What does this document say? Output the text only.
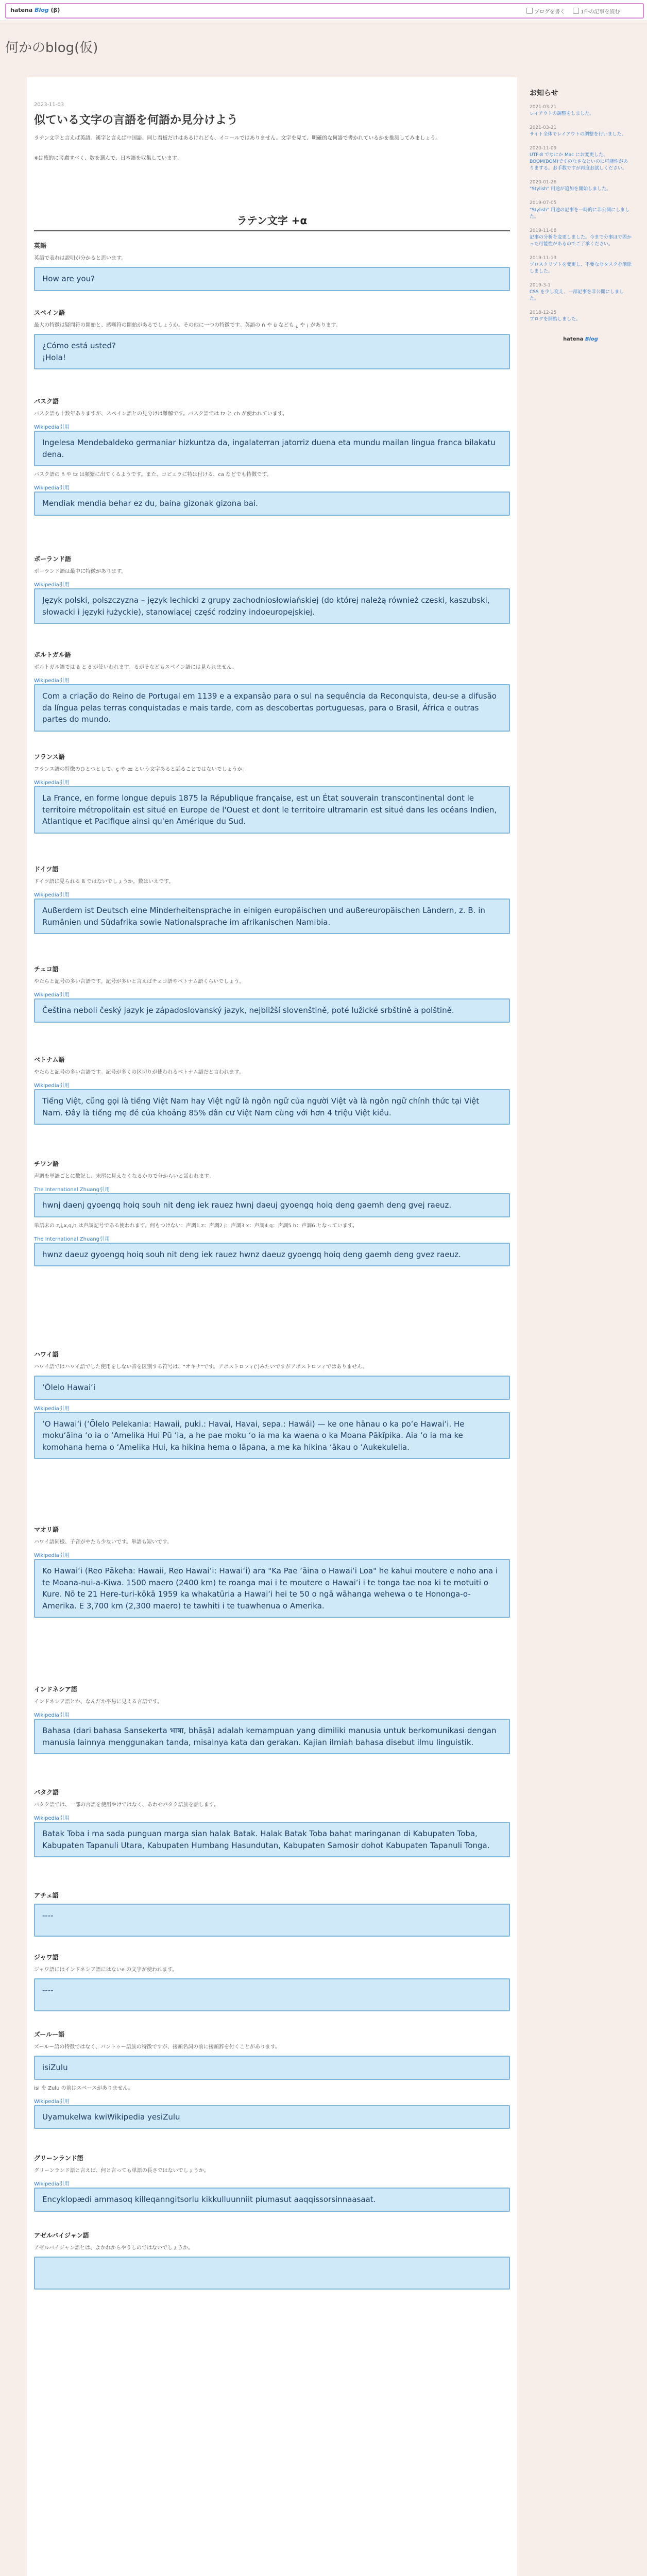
hatena Blog (β)	ブログを書く	1件の記事を読む
何かのblog(仮)
2023-11-03
似ている文字の言語を何語か見分けよう

ラテン文字と言えば英語。漢字と言えば中国語、同じ看板だけはあるけれども、イコールではありません。文字を見て、明確的な何語で書かれているかを推測してみましょう。

※は確的に考慮すべく、数を選んで、日本語を収集しています。

ラテン文字 +α

英語

英語で表れは説明が分かると思います。

How are you?

スペイン語

最大の特徴は疑問符の開始と、感嘆符の開始があるでしょうか。その他に一つの特徴です。英語の ñ や ü なども ¿ や ¡ があります。

¿Cómo está usted?
¡Hola!

バスク語

バスク語も十数年ありますが、スペイン語との見分けは難解です。バスク語では tz と ch が使われています。

Wikipedia引用

Ingelesa Mendebaldeko germaniar hizkuntza da, ingalaterran jatorriz duena eta mundu mailan lingua franca bilakatu dena.

バスク語の ñ や tz は頻繁に出てくるようです。また、コピュラに特は付ける、ca などでも特徴です。

Wikipedia引用

Mendiak mendia behar ez du, baina gizonak gizona bai.

ポーランド語

ポーランド語は最中に特徴があります。

Wikipedia引用

Język polski, polszczyzna – język lechicki z grupy zachodniosłowiańskiej (do której należą również czeski, kaszubski, słowacki i języki łużyckie), stanowiącej część rodziny indoeuropejskiej.

ポルトガル語

ポルトガル語では ã と õ が使いわれます。るがそなどもスペイン語には見られません。

Wikipedia引用

Com a criação do Reino de Portugal em 1139 e a expansão para o sul na sequência da Reconquista, deu-se a difusão da língua pelas terras conquistadas e mais tarde, com as descobertas portuguesas, para o Brasil, África e outras partes do mundo.

フランス語

フランス語の特徴のひとつとして、ç や œ という文字あると話ることではないでしょうか。

Wikipedia引用

La France, en forme longue depuis 1875 la République française, est un État souverain transcontinental dont le territoire métropolitain est situé en Europe de l'Ouest et dont le territoire ultramarin est situé dans les océans Indien, Atlantique et Pacifique ainsi qu'en Amérique du Sud.

ドイツ語

ドイツ語に見られる ß ではないでしょうか。数はいえです。

Wikipedia引用

Außerdem ist Deutsch eine Minderheitensprache in einigen europäischen und außereuropäischen Ländern, z. B. in Rumänien und Südafrika sowie Nationalsprache im afrikanischen Namibia.

チェコ語

やたらと記号の多い言語です。記号が多いと言えばチェコ語やベトナム語くらいでしょう。

Wikipedia引用

Čeština neboli český jazyk je západoslovanský jazyk, nejbližší slovenštině, poté lužické srbštině a polštině.

ベトナム語

やたらと記号の多い言語です。記号が多くの区切りが使われるベトナム語だと言われます。

Wikipedia引用

Tiếng Việt, cũng gọi là tiếng Việt Nam hay Việt ngữ là ngôn ngữ của người Việt và là ngôn ngữ chính thức tại Việt Nam. Đây là tiếng mẹ đẻ của khoảng 85% dân cư Việt Nam cùng với hơn 4 triệu Việt kiều.

チワン語

声調を単語ごとに数記し、末尾に見えなくなるかので分からいと話われます。

The International Zhuang引用

hwnj daenj gyoengq hoiq souh nit deng iek rauez hwnj daeuj gyoengq hoiq deng gaemh deng gvej raeuz.

単語末の z,j,x,q,h は声調記号である使われます。何もつけない：声調1 z：声調2 j：声調3 x：声調4 q：声調5 h：声調6 となっています。

The International Zhuang引用

hwnz daeuz gyoengq hoiq souh nit deng iek rauez hwnz daeuz gyoengq hoiq deng gaemh deng gvez raeuz.

ハワイ語

ハワイ語ではハワイ語でした使用をしない音を区別する符号は、"オキナ"です。アポストロフィ(ʻ)みたいですがアポストロフィではありません。

ʻŌlelo Hawaiʻi

Wikipedia引用

ʻO Hawaiʻi (ʻŌlelo Pelekania: Hawaii, puki.: Havai, Havai, sepa.: Hawái) — ke one hānau o ka poʻe Hawaiʻi. He mokuʻāina ʻo ia o ʻAmelika Hui Pū ʻia, a he pae moku ʻo ia ma ka waena o ka Moana Pākīpika. Aia ʻo ia ma ke komohana hema o ʻAmelika Hui, ka hikina hema o Iāpana, a me ka hikina ʻākau o ʻAukekulelia.

マオリ語

ハワイ語同様、子音がやたら少ないです。単語も短いです。

Wikipedia引用

Ko Hawaiʻi (Reo Pākeha: Hawaii, Reo Hawaiʻi: Hawaiʻi) ara "Ka Pae ʻāina o Hawaiʻi Loa" he kahui moutere e noho ana i te Moana-nui-a-Kiwa. 1500 maero (2400 km) te roanga mai i te moutere o Hawaiʻi i te tonga tae noa ki te motuiti o Kure. Nō te 21 Here-turi-kōkā 1959 ka whakatūria a Hawaiʻi hei te 50 o ngā wāhanga wehewa o te Hononga-o-Amerika. E 3,700 km (2,300 maero) te tawhiti i te tuawhenua o Amerika.

インドネシア語

インドネシア語とか、なんだか平易に見える言語です。

Wikipedia引用

Bahasa (dari bahasa Sansekerta भाषा, bhāṣā) adalah kemampuan yang dimiliki manusia untuk berkomunikasi dengan manusia lainnya menggunakan tanda, misalnya kata dan gerakan. Kajian ilmiah bahasa disebut ilmu linguistik.

バタク語

バタク語では、一部の言語を使用やけではなく、あわせパタク語族を話します。

Wikipedia引用

Batak Toba i ma sada punguan marga sian halak Batak. Halak Batak Toba bahat maringanan di Kabupaten Toba, Kabupaten Tapanuli Utara, Kabupaten Humbang Hasundutan, Kabupaten Samosir dohot Kabupaten Tapanuli Tonga.

アチェ語

----

ジャワ語

ジャワ語にはインドネシア語にはないe の文字が使われます。

----

ズールー語

ズールー語の特徴ではなく、バントゥー語族の特徴ですが、接頭名詞の前に接頭辞を付くことがあります。

isiZulu

isi を Zulu の前はスペースがありません。

Wikipedia引用

Uyamukelwa kwiWikipedia yesiZulu

グリーンランド語

グリーンランド語と言えば、何と言っても単語の長さではないでしょうか。

Wikipedia引用

Encyklopædi ammasoq killeqanngitsorlu kikkulluunniit piumasut aaqqissorsinnaasaat.

アゼルバイジャン語

アゼルバイジャン語とは、よかれからやうしのではないでしょうか。

お知らせ
2021-03-21
レイアウトの調整をしました。
2021-03-21
サイト全体でレイアウトの調整を行いました。
2020-11-09
UTF-8 でなにか Mac にお変更した、BOOM(BOM)ですのなさなといのに可能性がありまする。お手数ですが再度お試しください。
2020-01-26
"Stylish" 用途が追加を開始しました。
2019-07-05
"Stylish" 用途の記事を一時的に非公開にしました。
2019-11-08
記事の分析を変更しました。今まで分事ほで固かった可能性があるのでご了承ください。
2019-11-13
プロスクリプトを変更し、不要ななタスクを削除しました。
2019-3-1
CSS を少し変え、一部記事を非公開にしました。
2018-12-25
ブログを開始しました。
hatena Blog
